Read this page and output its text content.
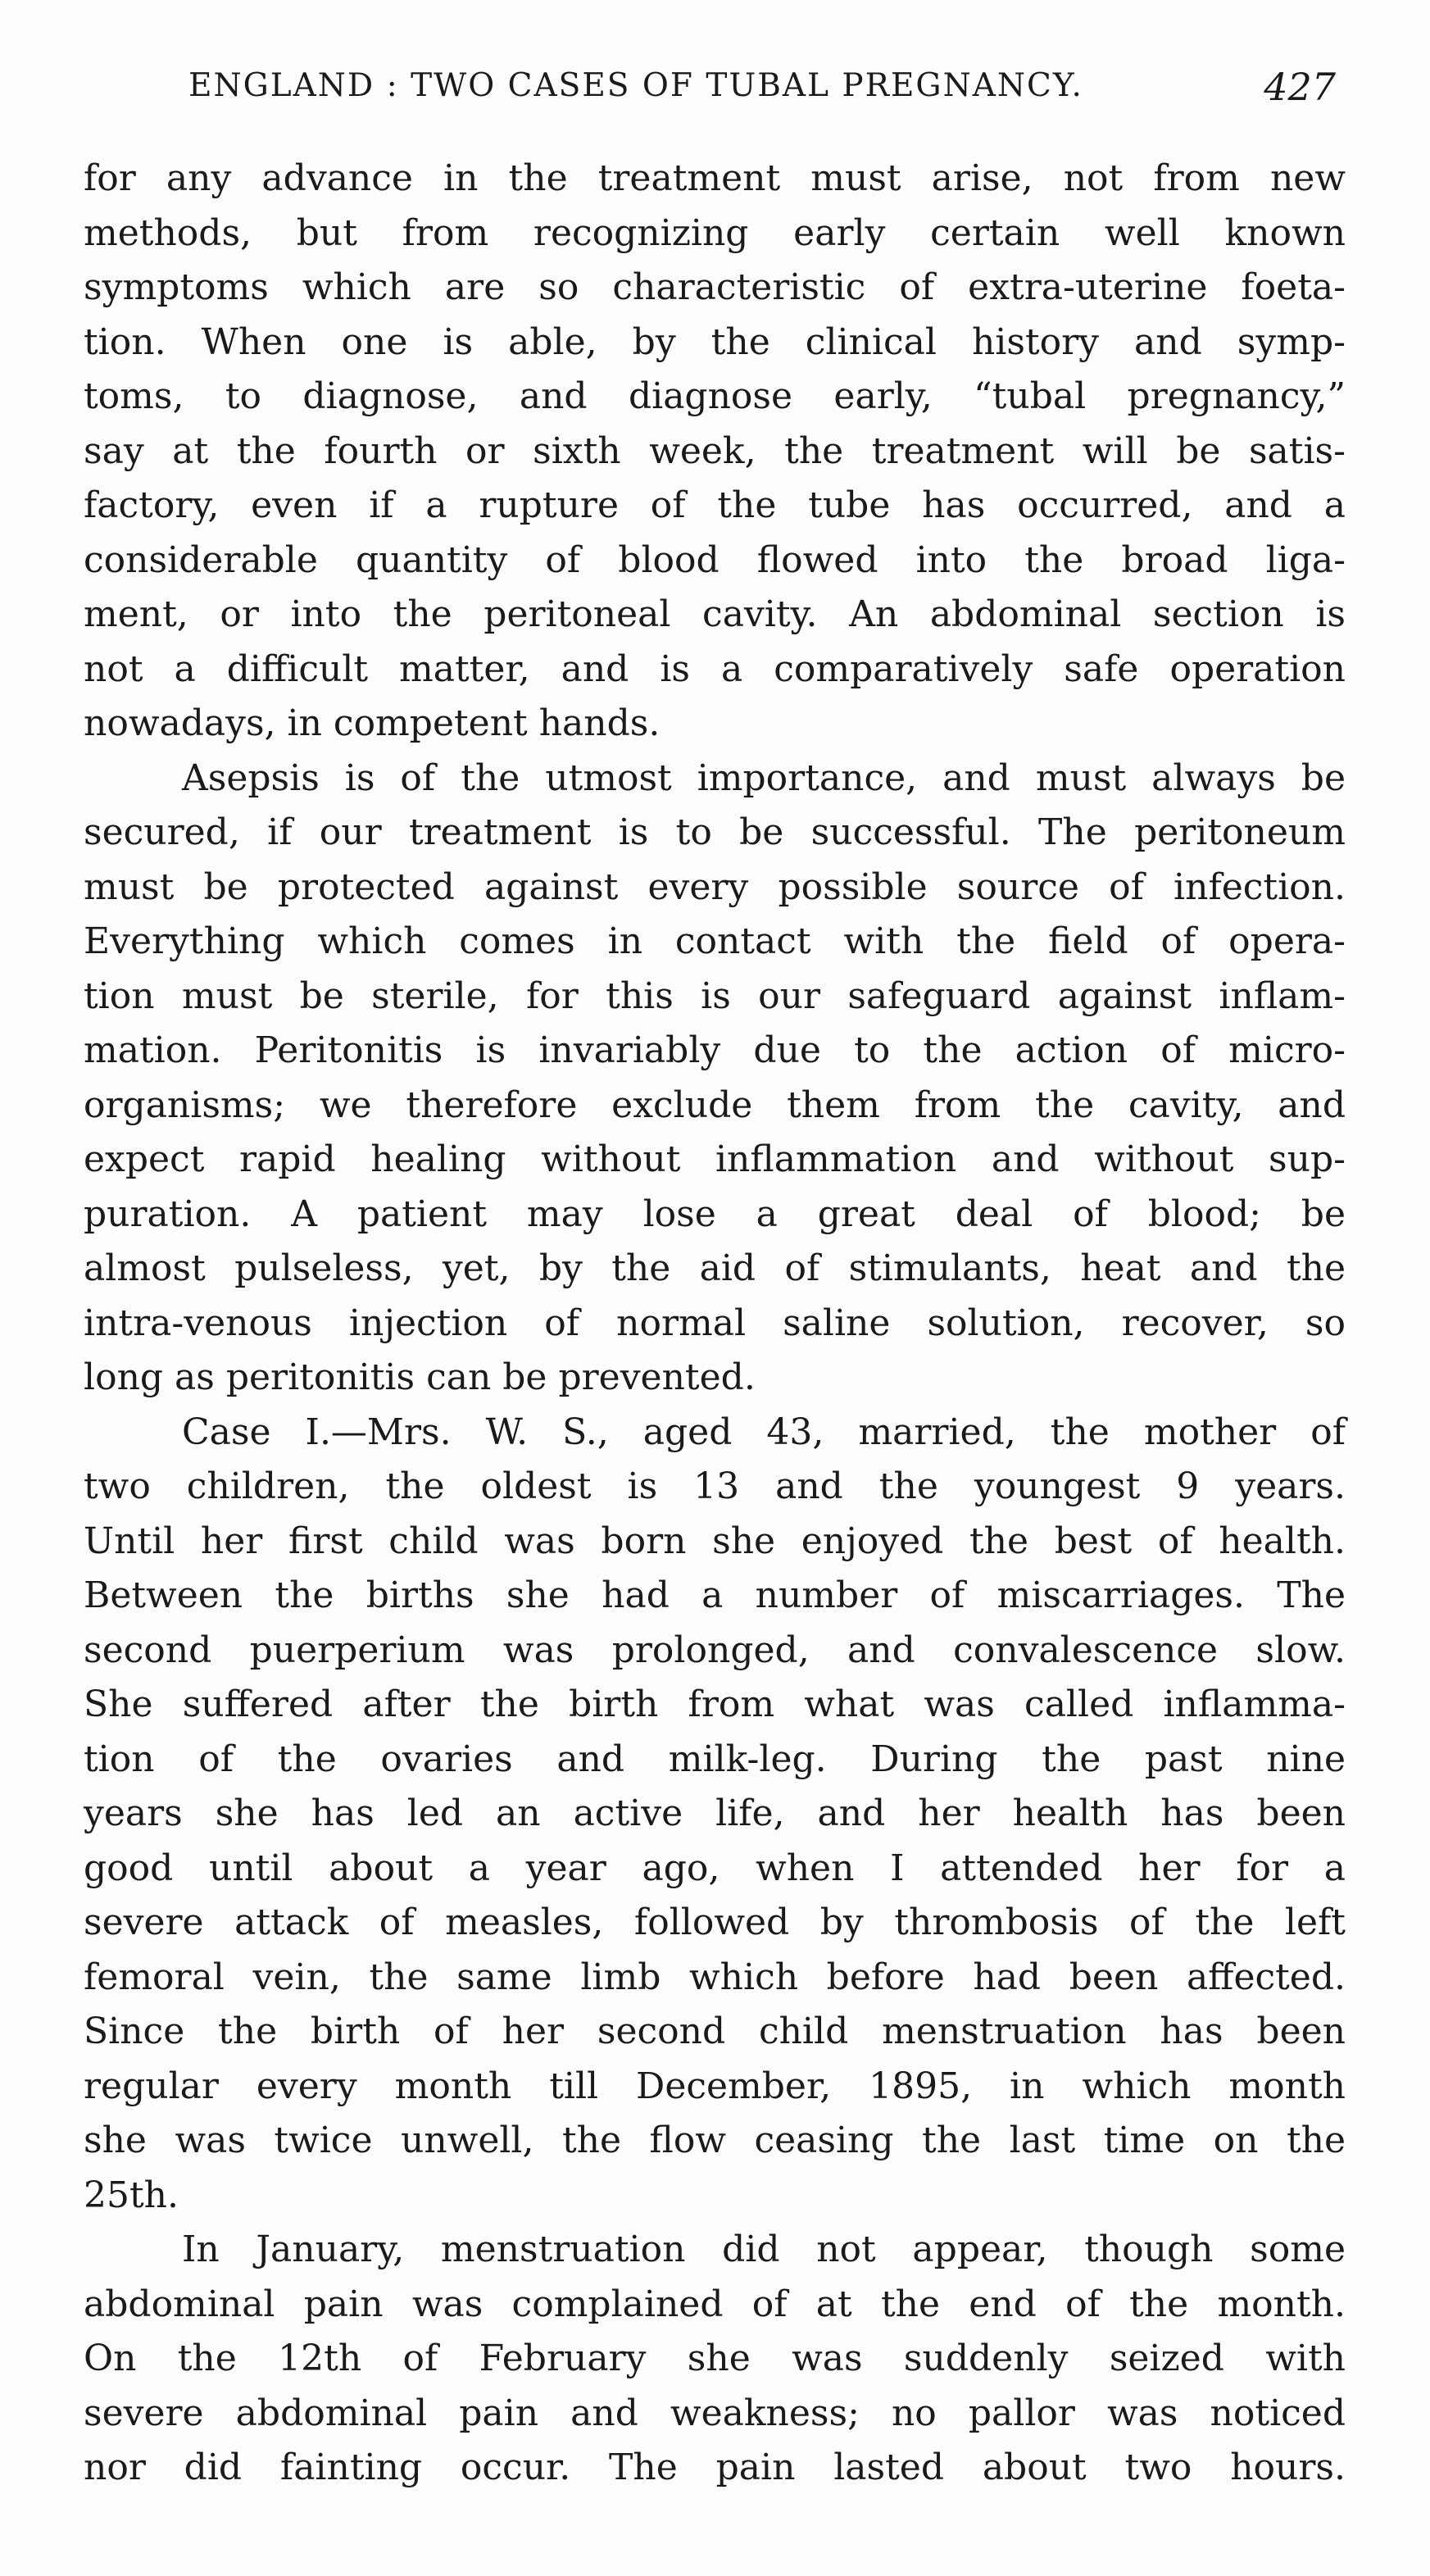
ENGLAND : TWO CASES OF TUBAL PREGNANCY.	427
for any advance in the treatment must arise, not from new
methods, but from recognizing early certain well known
symptoms which are so characteristic of extra-uterine foeta-
tion. When one is able, by the clinical history and symp-
toms, to diagnose, and diagnose early, “tubal pregnancy,”
say at the fourth or sixth week, the treatment will be satis-
factory, even if a rupture of the tube has occurred, and a
considerable quantity of blood flowed into the broad liga-
ment, or into the peritoneal cavity. An abdominal section is
not a difficult matter, and is a comparatively safe operation
nowadays, in competent hands.
Asepsis is of the utmost importance, and must always be
secured, if our treatment is to be successful. The peritoneum
must be protected against every possible source of infection.
Everything which comes in contact with the field of opera-
tion must be sterile, for this is our safeguard against inflam-
mation. Peritonitis is invariably due to the action of micro-
organisms; we therefore exclude them from the cavity, and
expect rapid healing without inflammation and without sup-
puration. A patient may lose a great deal of blood; be
almost pulseless, yet, by the aid of stimulants, heat and the
intra-venous injection of normal saline solution, recover, so
long as peritonitis can be prevented.
Case I.—Mrs. W. S., aged 43, married, the mother of
two children, the oldest is 13 and the youngest 9 years.
Until her first child was born she enjoyed the best of health.
Between the births she had a number of miscarriages. The
second puerperium was prolonged, and convalescence slow.
She suffered after the birth from what was called inflamma-
tion of the ovaries and milk-leg. During the past nine
years she has led an active life, and her health has been
good until about a year ago, when I attended her for a
severe attack of measles, followed by thrombosis of the left
femoral vein, the same limb which before had been affected.
Since the birth of her second child menstruation has been
regular every month till December, 1895, in which month
she was twice unwell, the flow ceasing the last time on the
25th.
In January, menstruation did not appear, though some
abdominal pain was complained of at the end of the month.
On the 12th of February she was suddenly seized with
severe abdominal pain and weakness; no pallor was noticed
nor did fainting occur. The pain lasted about two hours.
